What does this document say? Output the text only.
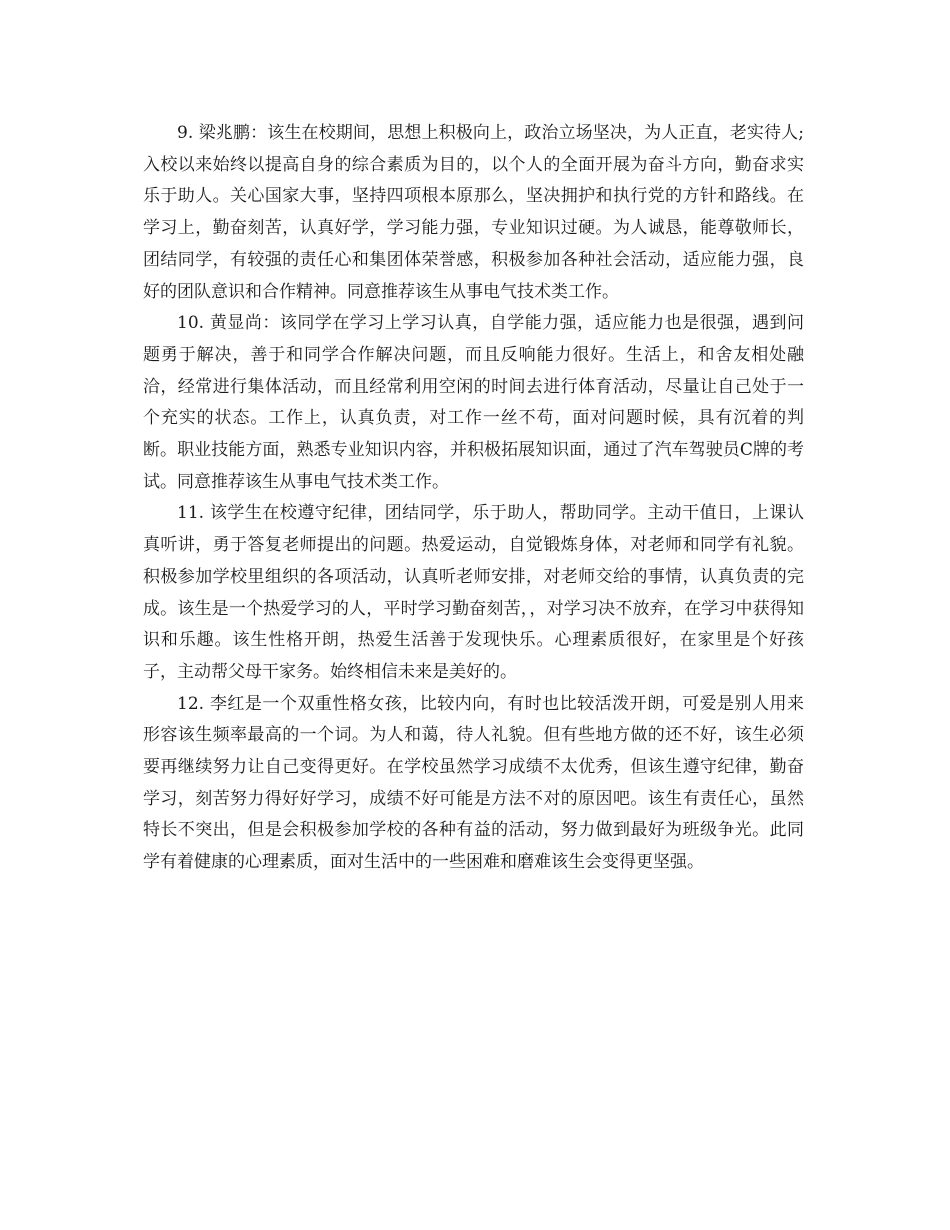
9. 梁兆鹏：该生在校期间，思想上积极向上，政治立场坚决，为人正直，老实待人;入校以来始终以提高自身的综合素质为目的，以个人的全面开展为奋斗方向，勤奋求实乐于助人。关心国家大事，坚持四项根本原那么，坚决拥护和执行党的方针和路线。在学习上，勤奋刻苦，认真好学，学习能力强，专业知识过硬。为人诚恳，能尊敬师长，团结同学，有较强的责任心和集团体荣誉感，积极参加各种社会活动，适应能力强，良好的团队意识和合作精神。同意推荐该生从事电气技术类工作。

10. 黄显尚：该同学在学习上学习认真，自学能力强，适应能力也是很强，遇到问题勇于解决，善于和同学合作解决问题，而且反响能力很好。生活上，和舍友相处融洽，经常进行集体活动，而且经常利用空闲的时间去进行体育活动，尽量让自己处于一个充实的状态。工作上，认真负责，对工作一丝不苟，面对问题时候，具有沉着的判断。职业技能方面，熟悉专业知识内容，并积极拓展知识面，通过了汽车驾驶员C牌的考试。同意推荐该生从事电气技术类工作。

11. 该学生在校遵守纪律，团结同学，乐于助人，帮助同学。主动干值日，上课认真听讲，勇于答复老师提出的问题。热爱运动，自觉锻炼身体，对老师和同学有礼貌。积极参加学校里组织的各项活动，认真听老师安排，对老师交给的事情，认真负责的完成。该生是一个热爱学习的人，平时学习勤奋刻苦，，对学习决不放弃，在学习中获得知识和乐趣。该生性格开朗，热爱生活善于发现快乐。心理素质很好，在家里是个好孩子，主动帮父母干家务。始终相信未来是美好的。

12. 李红是一个双重性格女孩，比较内向，有时也比较活泼开朗，可爱是别人用来形容该生频率最高的一个词。为人和蔼，待人礼貌。但有些地方做的还不好，该生必须要再继续努力让自己变得更好。在学校虽然学习成绩不太优秀，但该生遵守纪律，勤奋学习，刻苦努力得好好学习，成绩不好可能是方法不对的原因吧。该生有责任心，虽然特长不突出，但是会积极参加学校的各种有益的活动，努力做到最好为班级争光。此同学有着健康的心理素质，面对生活中的一些困难和磨难该生会变得更坚强。
